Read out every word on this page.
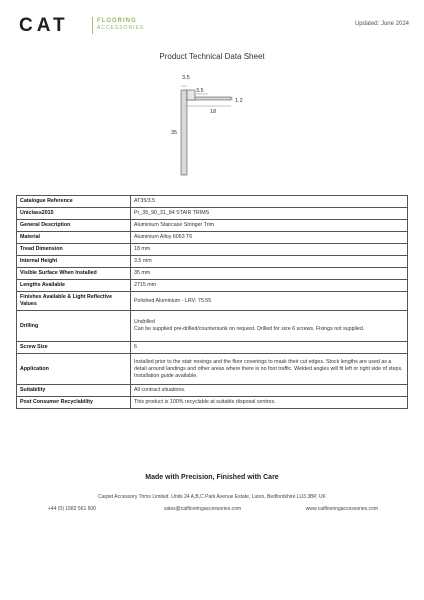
CAT	FLOORING
ACCESSORIES
Updated: June 2024
Product Technical Data Sheet
3.5
3.5
1.2
18
35
Catalogue Reference	AT35/3.5
Uniclass2015	Pr_35_90_31_84 STAIR TRIMS
General Description	Aluminium Staircase Stringer Trim
Material	Aluminium Alloy 6063 T6
Tread Dimension	18 mm
Internal Height	3.5 mm
Visible Surface When Installed	35 mm
Lengths Available	2715 mm
Finishes Available & Light Reflective Values	Polished Aluminium - LRV: 75.55
Drilling	Undrilled
Can be supplied pre-drilled/countersunk on request. Drilled for size 6 screws. Fixings not supplied.
Screw Size	6
Application	Installed prior to the stair nosings and the floor coverings to mask their cut edges. Stock lengths are used as a detail around landings and other areas where there is no foot traffic. Welded angles will fit left or right side of steps. Installation guide available.
Suitability	All contract situations.
Post Consumer Recyclability	This product is 100% recyclable at suitable disposal centres.
Made with Precision, Finished with Care
Carpet Accessory Trims Limited. Units 24 A,B,C Park Avenue Estate, Luton, Bedfordshire LU3 3BP, UK
+44 (0) 1582 561 500	sales@catflooringaccessories.com	www.catflooringaccessories.com
